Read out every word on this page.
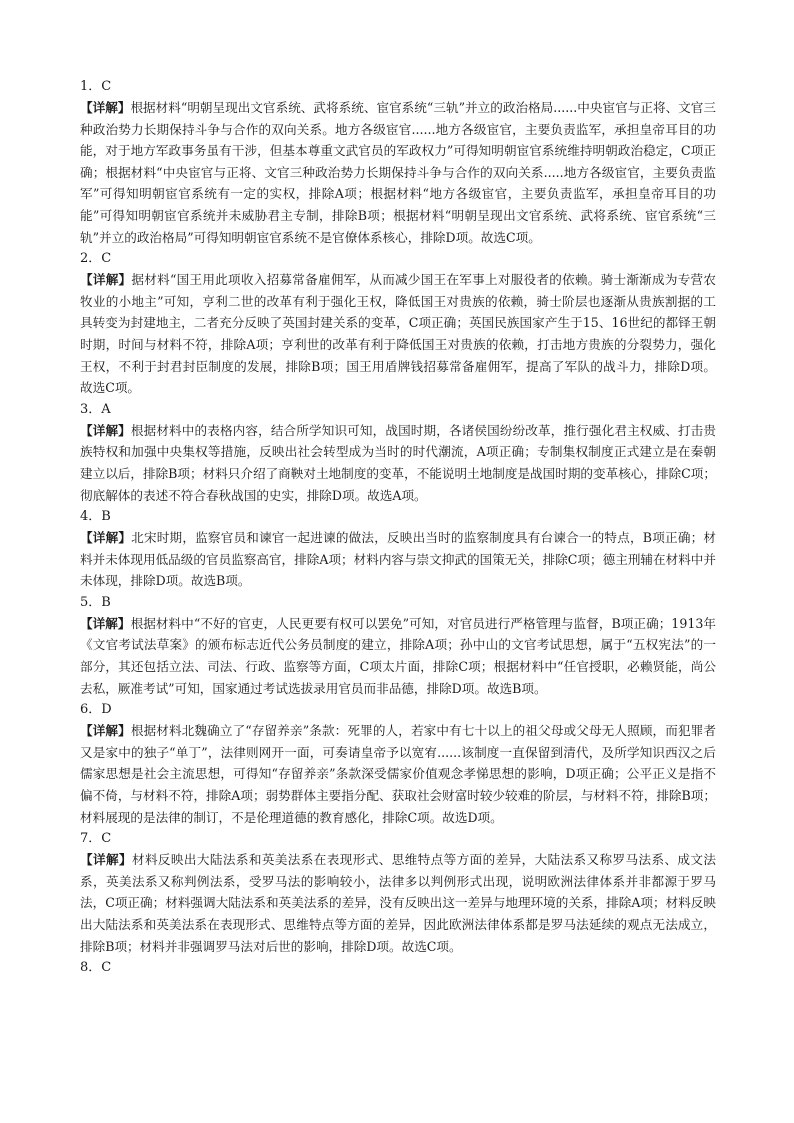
1．C
【详解】根据材料“明朝呈现出文官系统、武将系统、宦官系统“三轨”并立的政治格局......中央宦官与正将、文官三种政治势力长期保持斗争与合作的双向关系。地方各级宦官......地方各级宦官，主要负责监军，承担皇帝耳目的功能，对于地方军政事务虽有干涉，但基本尊重文武官员的军政权力”可得知明朝宦官系统维持明朝政治稳定，C项正确；根据材料“中央宦官与正将、文官三种政治势力长期保持斗争与合作的双向关系.....地方各级宦官，主要负责监军”可得知明朝宦官系统有一定的实权，排除A项；根据材料“地方各级宦官，主要负责监军，承担皇帝耳目的功能”可得知明朝宦官系统并未威胁君主专制，排除B项；根据材料“明朝呈现出文官系统、武将系统、宦官系统“三轨”并立的政治格局”可得知明朝宦官系统不是官僚体系核心，排除D项。故选C项。
2．C
【详解】据材料“国王用此项收入招募常备雇佣军，从而减少国王在军事上对服役者的依赖。骑士渐渐成为专营农牧业的小地主”可知，亨利二世的改革有利于强化王权，降低国王对贵族的依赖，骑士阶层也逐渐从贵族割据的工具转变为封建地主，二者充分反映了英国封建关系的变革，C项正确；英国民族国家产生于15、16世纪的都铎王朝时期，时间与材料不符，排除A项；亨利世的改革有利于降低国王对贵族的依赖，打击地方贵族的分裂势力，强化王权，不利于封君封臣制度的发展，排除B项；国王用盾牌钱招募常备雇佣军，提高了军队的战斗力，排除D项。故选C项。
3．A
【详解】根据材料中的表格内容，结合所学知识可知，战国时期，各诸侯国纷纷改革，推行强化君主权威、打击贵族特权和加强中央集权等措施，反映出社会转型成为当时的时代潮流，A项正确；专制集权制度正式建立是在秦朝建立以后，排除B项；材料只介绍了商鞅对土地制度的变革，不能说明土地制度是战国时期的变革核心，排除C项；彻底解体的表述不符合春秋战国的史实，排除D项。故选A项。
4．B
【详解】北宋时期，监察官员和谏官一起进谏的做法，反映出当时的监察制度具有台谏合一的特点，B项正确；材料并未体现用低品级的官员监察高官，排除A项；材料内容与崇文抑武的国策无关，排除C项；德主刑辅在材料中并未体现，排除D项。故选B项。
5．B
【详解】根据材料中“不好的官吏，人民更要有权可以罢免”可知，对官员进行严格管理与监督，B项正确；1913年《文官考试法草案》的颁布标志近代公务员制度的建立，排除A项；孙中山的文官考试思想，属于“五权宪法”的一部分，其还包括立法、司法、行政、监察等方面，C项太片面，排除C项；根据材料中“任官授职，必赖贤能，尚公去私，厥准考试”可知，国家通过考试选拔录用官员而非品德，排除D项。故选B项。
6．D
【详解】根据材料北魏确立了“存留养亲”条款：死罪的人，若家中有七十以上的祖父母或父母无人照顾，而犯罪者又是家中的独子“单丁”，法律则网开一面，可奏请皇帝予以宽宥......该制度一直保留到清代，及所学知识西汉之后儒家思想是社会主流思想，可得知“存留养亲”条款深受儒家价值观念孝悌思想的影响，D项正确；公平正义是指不偏不倚，与材料不符，排除A项；弱势群体主要指分配、获取社会财富时较少较难的阶层，与材料不符，排除B项；材料展现的是法律的制订，不是伦理道德的教育感化，排除C项。故选D项。
7．C
【详解】材料反映出大陆法系和英美法系在表现形式、思维特点等方面的差异，大陆法系又称罗马法系、成文法系，英美法系又称判例法系，受罗马法的影响较小，法律多以判例形式出现，说明欧洲法律体系并非都源于罗马法，C项正确；材料强调大陆法系和英美法系的差异，没有反映出这一差异与地理环境的关系，排除A项；材料反映出大陆法系和英美法系在表现形式、思维特点等方面的差异，因此欧洲法律体系都是罗马法延续的观点无法成立，排除B项；材料并非强调罗马法对后世的影响，排除D项。故选C项。
8．C
